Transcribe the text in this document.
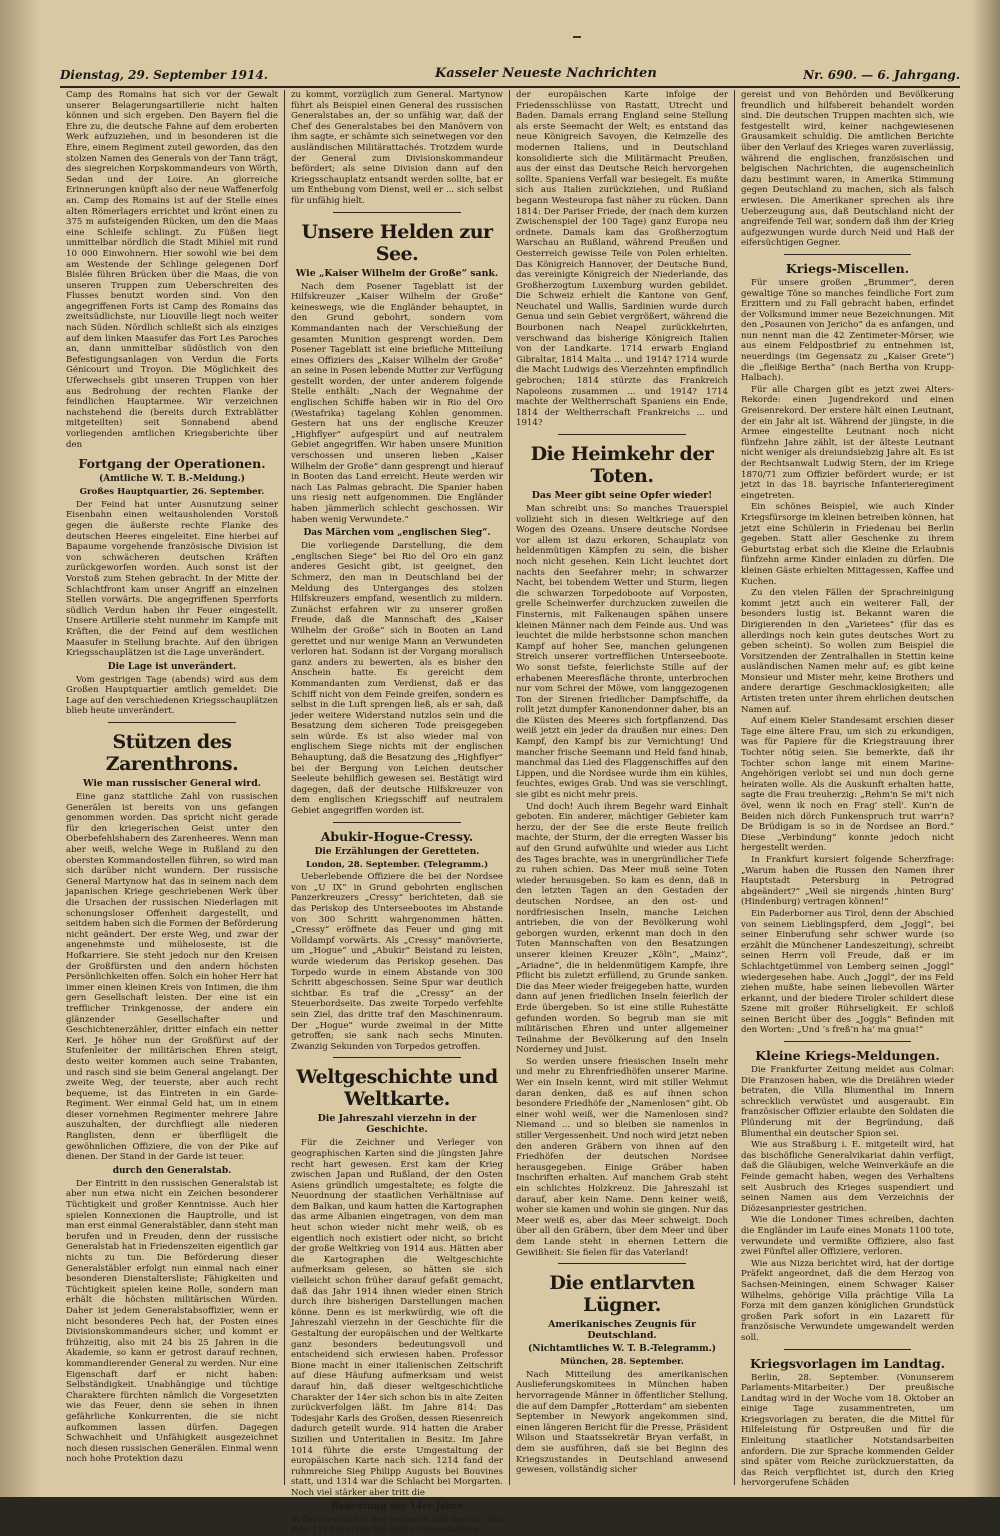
Dienstag, 29. September 1914.	Kasseler Neueste Nachrichten	Nr. 690. — 6. Jahrgang.

Camp des Romains hat sich vor der Gewalt unserer Belagerungsartillerie nicht halten können und sich ergeben. Den Bayern fiel die Ehre zu, die deutsche Fahne auf dem eroberten Werk aufzuziehen, und in besonderen ist die Ehre, einem Regiment zuteil geworden, das den stolzen Namen des Generals von der Tann trägt, des siegreichen Korpskommandeurs von Wörth, Sedan und der Loire. An glorreiche Erinnerungen knüpft also der neue Waffenerfolg an. Camp des Romains ist auf der Stelle eines alten Römerlagers errichtet und krönt einen zu 375 m aufsteigenden Rücken, um den die Maas eine Schleife schlingt. Zu Füßen liegt unmittelbar nördlich die Stadt Mihiel mit rund 10 000 Einwohnern. Hier sowohl wie bei dem am Westende der Schlinge gelegenen Dorf Bislée führen Brücken über die Maas, die von unseren Truppen zum Ueberschreiten des Flusses benutzt worden sind. Von den angegriffenen Forts ist Camp des Romains das zweitsüdlichste, nur Liouville liegt noch weiter nach Süden. Nördlich schließt sich als einziges auf dem linken Maasufer das Fort Les Paroches an, dann unmittelbar südöstlich von den Befestigungsanlagen von Verdun die Forts Génicourt und Troyon. Die Möglichkeit des Uferwechsels gibt unseren Truppen von hier aus Bedrohung der rechten Flanke der feindlichen Hauptarmee. Wir verzeichnen nachstehend die (bereits durch Extrablätter mitgeteilten) seit Sonnabend abend vorliegenden amtlichen Kriegsberichte über den

Fortgang der Operationen.
(Amtliche W. T. B.-Meldung.)
Großes Hauptquartier, 26. September.

Der Feind hat unter Ausnutzung seiner Eisenbahn einen weitausholenden Vorstoß gegen die äußerste rechte Flanke des deutschen Heeres eingeleitet. Eine hierbei auf Bapaume vorgehende französische Division ist von schwächeren deutschen Kräften zurückgeworfen worden. Auch sonst ist der Vorstoß zum Stehen gebracht. In der Mitte der Schlachtfront kam unser Angriff an einzelnen Stellen vorwärts. Die angegriffenen Sperrforts südlich Verdun haben ihr Feuer eingestellt. Unsere Artillerie steht nunmehr im Kampfe mit Kräften, die der Feind auf dem westlichen Maasufer in Stellung brachte. Auf den übrigen Kriegsschauplätzen ist die Lage unverändert.

Die Lage ist unverändert.

Vom gestrigen Tage (abends) wird aus dem Großen Hauptquartier amtlich gemeldet: Die Lage auf den verschiedenen Kriegsschauplätzen blieb heute unverändert.

Stützen des Zarenthrons.
Wie man russischer General wird.

Eine ganz stattliche Zahl von russischen Generälen ist bereits von uns gefangen genommen worden. Das spricht nicht gerade für den kriegerischen Geist unter den Oberbefehlshabern des Zarenheeres. Wenn man aber weiß, welche Wege in Rußland zu den obersten Kommandostellen führen, so wird man sich darüber nicht wundern. Der russische General Martynow hat das in seinem nach dem japanischen Kriege geschriebenen Werk über die Ursachen der russischen Niederlagen mit schonungsloser Offenheit dargestellt, und seitdem haben sich die Formen der Beförderung nicht geändert. Der erste Weg, und zwar der angenehmste und müheloseste, ist die Hofkarriere. Sie steht jedoch nur den Kreisen der Großfürsten und den andern höchsten Persönlichkeiten offen. Solch ein hoher Herr hat immer einen kleinen Kreis von Intimen, die ihm gern Gesellschaft leisten. Der eine ist ein trefflicher Trinkgenosse, der andere ein glänzender Gesellschafter und Geschichtenerzähler, dritter einfach ein netter Kerl. Je höher nun der Großfürst auf der Stufenleiter der militärischen Ehren steigt, desto weiter kommen auch seine Trabanten, und rasch sind sie beim General angelangt. Der zweite Weg, der teuerste, aber auch recht bequeme, ist das Eintreten in ein Garde-Regiment. Wer einmal Geld hat, um in einem dieser vornehmen Regimenter mehrere Jahre auszuhalten, der durchfliegt alle niederen Ranglisten, denn er überflügelt die gewöhnlichen Offiziere, die von der Pike auf dienen. Der Stand in der Garde ist teuer.

durch den Generalstab.

Der Eintritt in den russischen Generalstab ist aber nun etwa nicht ein Zeichen besonderer Tüchtigkeit und großer Kenntnisse. Auch hier spielen Konnexionen die Hauptrolle, und ist man erst einmal Generalstäbler, dann steht man berufen und in Freuden, denn der russische Generalstab hat in Friedenszeiten eigentlich gar nichts zu tun. Die Beförderung dieser Generalstäbler erfolgt nun einmal nach einer besonderen Dienstaltersliste; Fähigkeiten und Tüchtigkeit spielen keine Rolle, sondern man erhält die höchsten militärischen Würden. Daher ist jedem Generalstabsoffizier, wenn er nicht besonderes Pech hat, der Posten eines Divisionskommandeurs sicher, und kommt er frühzeitig, also mit 24 bis 25 Jahren in die Akademie, so kann er getrost darauf rechnen, kommandierender General zu werden. Nur eine Eigenschaft darf er nicht haben: Selbständigkeit. Unabhängige und tüchtige Charaktere fürchten nämlich die Vorgesetzten wie das Feuer, denn sie sehen in ihnen gefährliche Konkurrenten, die sie nicht aufkommen lassen dürfen. Dagegen Schwachheit und Unfähigkeit ausgezeichnet noch diesen russischen Generälen. Einmal wenn noch hohe Protektion dazu

zu kommt, vorzüglich zum General. Martynow führt als Beispiel einen General des russischen Generalstabes an, der so unfähig war, daß der Chef des Generalstabes bei den Manövern von ihm sagte, er schämte sich seinetwegen vor den ausländischen Militärattachés. Trotzdem wurde der General zum Divisionskommandeur befördert; als seine Division dann auf den Kriegsschauplatz entsandt werden sollte, bat er um Enthebung vom Dienst, weil er ... sich selbst für unfähig hielt.

Unsere Helden zur See.
Wie „Kaiser Wilhelm der Große“ sank.

Nach dem Posener Tageblatt ist der Hilfskreuzer „Kaiser Wilhelm der Große“ keineswegs, wie die Engländer behauptet, in den Grund gebohrt, sondern vom Kommandanten nach der Verschießung der gesamten Munition gesprengt worden. Dem Posener Tageblatt ist eine briefliche Mitteilung eines Offiziers des „Kaiser Wilhelm der Große“ an seine in Posen lebende Mutter zur Verfügung gestellt worden, der unter anderem folgende Stelle enthält: „Nach der Wegnahme der englischen Schiffe haben wir in Rio del Oro (Westafrika) tagelang Kohlen genommen. Gestern hat uns der englische Kreuzer „Highflyer“ aufgespürt und auf neutralem Gebiet angegriffen. Wir haben unsere Munition verschossen und unseren lieben „Kaiser Wilhelm der Große“ dann gesprengt und hierauf in Booten das Land erreicht. Heute werden wir nach Las Palmas gebracht. Die Spanier haben uns riesig nett aufgenommen. Die Engländer haben jämmerlich schlecht geschossen. Wir haben wenig Verwundete.“

Das Märchen vom „englischen Sieg“.

Die vorliegende Darstellung, die dem „englischen Siege“ bei Rio del Oro ein ganz anderes Gesicht gibt, ist geeignet, den Schmerz, den man in Deutschland bei der Meldung des Unterganges des stolzen Hilfskreuzers empfand, wesentlich zu mildern. Zunächst erfahren wir zu unserer großen Freude, daß die Mannschaft des „Kaiser Wilhelm der Große“ sich in Booten an Land gerettet und nur wenige Mann an Verwundeten verloren hat. Sodann ist der Vorgang moralisch ganz anders zu bewerten, als es bisher den Anschein hatte. Es gereicht dem Kommandanten zum Verdienst, daß er das Schiff nicht von dem Feinde greifen, sondern es selbst in die Luft sprengen ließ, als er sah, daß jeder weitere Widerstand nutzlos sein und die Besatzung dem sicheren Tode preisgegeben sein würde. Es ist also wieder mal von englischem Siege nichts mit der englischen Behauptung, daß die Besatzung des „Highflyer“ bei der Bergung von Leichen deutscher Seeleute behilflich gewesen sei. Bestätigt wird dagegen, daß der deutsche Hilfskreuzer von dem englischen Kriegsschiff auf neutralem Gebiet angegriffen worden ist.

Abukir-Hogue-Cressy.
Die Erzählungen der Geretteten.
London, 28. September. (Telegramm.)

Ueberlebende Offiziere die bei der Nordsee von „U IX“ in Grund gebohrten englischen Panzerkreuzers „Cressy“ berichteten, daß sie das Periskop des Unterseebootes im Abstande von 300 Schritt wahrgenommen hätten. „Cressy“ eröffnete das Feuer und ging mit Volldampf vorwärts. Als „Cressy“ manövrierte, um „Hogue“ und „Abukir“ Beistand zu leisten, wurde wiederum das Periskop gesehen. Das Torpedo wurde in einem Abstande von 300 Schritt abgeschossen. Seine Spur war deutlich sichtbar. Es traf die „Cressy“ an der Steuerbordseite. Das zweite Torpedo verfehlte sein Ziel, das dritte traf den Maschinenraum. Der „Hogue“ wurde zweimal in der Mitte getroffen; sie sank nach sechs Minuten. Zwanzig Sekunden von Torpedos getroffen.

Weltgeschichte und Weltkarte.
Die Jahreszahl vierzehn in der Geschichte.

Für die Zeichner und Verleger von geographischen Karten sind die jüngsten Jahre recht hart gewesen. Erst kam der Krieg zwischen Japan und Rußland, der den Osten Asiens gründlich umgestaltete; es folgte die Neuordnung der staatlichen Verhältnisse auf dem Balkan, und kaum hatten die Kartographen das arme Albanien eingetragen, von dem man heut schon wieder nicht mehr weiß, ob es eigentlich noch existiert oder nicht, so bricht der große Weltkrieg von 1914 aus. Hätten aber die Kartographen die Weltgeschichte aufmerksam gelesen, so hätten sie sich vielleicht schon früher darauf gefaßt gemacht, daß das Jahr 1914 ihnen wieder einen Strich durch ihre bisherigen Darstellungen machen könne. Denn es ist merkwürdig, wie oft die Jahreszahl vierzehn in der Geschichte für die Gestaltung der europäischen und der Weltkarte ganz besonders bedeutungsvoll und entscheidend sich erwiesen haben. Professor Bione macht in einer italienischen Zeitschrift auf diese Häufung aufmerksam und weist darauf hin, daß dieser weltgeschichtliche Charakter der 14er sich schon bis in alte Zeiten zurückverfolgen läßt. Im Jahre 814: Das Todesjahr Karls des Großen, dessen Riesenreich dadurch geteilt wurde. 914 hatten die Araber Sizilien und Unteritalien in Besitz. Im Jahre 1014 führte die erste Umgestaltung der europäischen Karte nach sich. 1214 fand der ruhmreiche Sieg Philipp Augusts bei Bouvines statt, und 1314 war die Schlacht bei Morgarten. Noch viel stärker aber tritt die

Bedeutung der 14er Jahre

in der Geschichte der neuesten Zeit hervor. Das Jahr 1714 brachte die große Umgestaltung

der europäischen Karte infolge der Friedensschlüsse von Rastatt, Utrecht und Baden. Damals errang England seine Stellung als erste Seemacht der Welt; es entstand das neue Königreich Savoyen, die Keimzelle des modernen Italiens, und in Deutschland konsolidierte sich die Militärmacht Preußen, aus der einst das Deutsche Reich hervorgehen sollte. Spaniens Verfall war besiegelt. Es mußte sich aus Italien zurückziehen, und Rußland begann Westeuropa fast näher zu rücken. Dann 1814: Der Pariser Friede, der (nach dem kurzen Zwischenspiel der 100 Tage) ganz Europa neu ordnete. Damals kam das Großherzogtum Warschau an Rußland, während Preußen und Oesterreich gewisse Teile von Polen erhielten. Das Königreich Hannover, der Deutsche Bund, das vereinigte Königreich der Niederlande, das Großherzogtum Luxemburg wurden gebildet. Die Schweiz erhielt die Kantone von Genf, Neuchatel und Wallis, Sardinien wurde durch Genua und sein Gebiet vergrößert, während die Bourbonen nach Neapel zurückkehrten, verschwand das bisherige Königreich Italien von der Landkarte. 1714 erwarb England Gibraltar, 1814 Malta ... und 1914? 1714 wurde die Macht Ludwigs des Vierzehnten empfindlich gebrochen; 1814 stürzte das Frankreich Napoleons zusammen ... und 1914? 1714 machte der Weltherrschaft Spaniens ein Ende, 1814 der Weltherrschaft Frankreichs ... und 1914?

Die Heimkehr der Toten.
Das Meer gibt seine Opfer wieder!

Man schreibt uns: So manches Trauerspiel vollzieht sich in diesen Weltkriege auf den Wogen des Ozeans. Unsere deutsche Nordsee vor allem ist dazu erkoren, Schauplatz von heldenmütigen Kämpfen zu sein, die bisher noch nicht gesehen. Kein Licht leuchtet dort nachts den Seefahrer mehr; in schwarzer Nacht, bei tobendem Wetter und Sturm, liegen die schwarzen Torpedoboote auf Vorposten, grelle Scheinwerfer durchzucken zuweilen die Finsternis, mit Falkenaugen spähen unsere kleinen Männer nach dem Feinde aus. Und was leuchtet die milde herbstsonne schon manchen Kampf auf hoher See, manchen gelungenen Streich unserer vortrefflichen Unterseeboote. Wo sonst tiefste, feierlichste Stille auf der erhabenen Meeresfläche thronte, unterbrochen nur vom Schrei der Möwe, vom langgezogenen Ton der Sirenen friedlicher Dampfschiffe, da rollt jetzt dumpfer Kanonendonner daher, bis an die Küsten des Meeres sich fortpflanzend. Das weiß jetzt ein jeder da draußen nur eines: Den Kampf, den Kampf bis zur Vernichtung! Und mancher frische Seemann und Held fand hinab, manchmal das Lied des Flaggenschiffes auf den Lippen, und die Nordsee wurde ihm ein kühles, feuchtes, ewiges Grab. Und was sie verschlingt, sie gibt es nicht mehr preis.

Und doch! Auch ihrem Begehr ward Einhalt geboten. Ein anderer, mächtiger Gebieter kam herzu, der der See die erste Beute freilich machte, der Sturm, der die erregten Wasser bis auf den Grund aufwühlte und wieder aus Licht des Tages brachte, was in unergründlicher Tiefe zu ruhen schien. Das Meer muß seine Toten wieder herausgeben. So kam es denn, daß in den letzten Tagen an den Gestaden der deutschen Nordsee, an den ost- und nordfriesischen Inseln, manche Leichen antrieben, die von der Bevölkerung wohl geborgen wurden, erkennt man doch in den Toten Mannschaften von den Besatzungen unserer kleinen Kreuzer „Köln“, „Mainz“, „Ariadne“, die in heldenmütigem Kampfe, ihre Pflicht bis zuletzt erfüllend, zu Grunde sanken. Die das Meer wieder freigegeben hatte, wurden dann auf jenen friedlichen Inseln feierlich der Erde übergeben. So ist eine stille Ruhestätte gefunden worden. So begrub man sie mit militärischen Ehren und unter allgemeiner Teilnahme der Bevölkerung auf den Inseln Norderney und Juist.

So werden unsere friesischen Inseln mehr und mehr zu Ehrenfriedhöfen unserer Marine. Wer ein Inseln kennt, wird mit stiller Wehmut daran denken, daß es auf ihnen schon besondere Friedhöfe der „Namenlosen“ gibt. Ob einer wohl weiß, wer die Namenlosen sind? Niemand ... und so bleiben sie namenlos in stiller Vergessenheit. Und noch wird jetzt neben den anderen Gräbern von ihnen auf den Friedhöfen der deutschen Nordsee herausgegeben. Einige Gräber haben Inschriften erhalten. Auf manchem Grab steht ein schlichtes Holzkreuz. Die Jahreszahl ist darauf, aber kein Name. Denn keiner weiß, woher sie kamen und wohin sie gingen. Nur das Meer weiß es, aber das Meer schweigt. Doch über all den Gräbern, über dem Meer und über dem Lande steht in ehernen Lettern die Gewißheit: Sie fielen für das Vaterland!

Die entlarvten Lügner.
Amerikanisches Zeugnis für Deutschland.
(Nichtamtliches W. T. B.-Telegramm.)
München, 28. September.

Nach Mitteilung des amerikanischen Auslieferungskomitees in München haben hervorragende Männer in öffentlicher Stellung, die auf dem Dampfer „Rotterdam“ am siebenten September in Newyork angekommen sind, einen längeren Bericht für die Presse, Präsident Wilson und Staatssekretär Bryan verfaßt, in dem sie ausführen, daß sie bei Beginn des Kriegszustandes in Deutschland anwesend gewesen, vollständig sicher

gereist und von Behörden und Bevölkerung freundlich und hilfsbereit behandelt worden sind. Die deutschen Truppen machten sich, wie festgestellt wird, keiner nachgewiesenen Grausamkeit schuldig. Die amtlichen Berichte über den Verlauf des Krieges waren zuverlässig, während die englischen, französischen und belgischen Nachrichten, die augenscheinlich dazu bestimmt waren, in Amerika Stimmung gegen Deutschland zu machen, sich als falsch erwiesen. Die Amerikaner sprechen als ihre Ueberzeugung aus, daß Deutschland nicht der angreifende Teil war, sondern daß ihm der Krieg aufgezwungen wurde durch Neid und Haß der eifersüchtigen Gegner.

Kriegs-Miscellen.

Für unsere großen „Brummer“, deren gewaltige Töne so manches feindliche Fort zum Erzittern und zu Fall gebracht haben, erfindet der Volksmund immer neue Bezeichnungen. Mit den „Posaunen von Jericho“ da es anfangen, und nun nennt man die 42 Zentimeter-Mörser, wie aus einem Feldpostbrief zu entnehmen ist, neuerdings (im Gegensatz zu „Kaiser Grete“) die „fleißige Bertha“ (nach Bertha von Krupp-Halbach).

Für alle Chargen gibt es jetzt zwei Alters-Rekorde: einen Jugendrekord und einen Greisenrekord. Der erstere hält einen Leutnant, der ein Jahr alt ist. Während der jüngste, in die Armee eingestellte Leutnant noch nicht fünfzehn Jahre zählt, ist der älteste Leutnant nicht weniger als dreiundsiebzig Jahre alt. Es ist der Rechtsanwalt Ludwig Stern, der im Kriege 1870/71 zum Offizier befördert wurde; er ist jetzt in das 18. bayrische Infanterieregiment eingetreten.

Ein schönes Beispiel, wie auch Kinder Kriegsfürsorge im kleinen betreiben können, hat jetzt eine Schülerin in Friedenau bei Berlin gegeben. Statt aller Geschenke zu ihrem Geburtstag erbat sich die Kleine die Erlaubnis fünfzehn arme Kinder einladen zu dürfen. Die kleinen Gäste erhielten Mittagessen, Kaffee und Kuchen.

Zu den vielen Fällen der Sprachreinigung kommt jetzt auch ein weiterer Fall, der besonders lustig ist. Bekannt waren die Dirigierenden in den „Varietees“ (für das es allerdings noch kein gutes deutsches Wort zu geben scheint). So wollen zum Beispiel die Vorsitzenden der Zentralhallen in Stettin keine ausländischen Namen mehr auf; es gibt keine Monsieur und Mister mehr, keine Brothers und andere derartige Geschmacklosigkeiten; alle Artisten treten unter ihrem ehrlichen deutschen Namen auf.

Auf einem Kieler Standesamt erschien dieser Tage eine ältere Frau, um sich zu erkundigen, was für Papiere für die Kriegstrauung ihrer Tochter nötig seien. Sie bemerkte, daß ihr Tochter schon lange mit einem Marine-Angehörigen verlobt sei und nun doch gerne heiraten wolle. Als die Auskunft erhalten hatte, sagte die Frau treuherzig: „Rehm'n Se mi't nich övel, wenn ik noch en Frag' stell'. Kun'n de Beiden nich dörch Funkenspruch trut warr'n? De Brüdigam is so in de Nordsee an Bord.“ Diese „Verbindung“ konnte jedoch nicht hergestellt werden.

In Frankfurt kursiert folgende Scherzfrage: „Warum haben die Russen den Namen ihrer Hauptstadt Petersburg in Petrograd abgeändert?“ „Weil sie nirgends ‚hinten Burg‘ (Hindenburg) vertragen können!“

Ein Paderborner aus Tirol, denn der Abschied von seinem Lieblingspferd, dem „Joggl“, bei seiner Einberufung sehr schwer wurde (so erzählt die Münchener Landeszeitung), schreibt seinen Herrn voll Freude, daß er im Schlachtgetümmel von Lemberg seinen „Joggl“ wiedergesehen habe. Auch „Joggl“, der ins Feld ziehen mußte, habe seinen liebevollen Wärter erkannt, und der biedere Tiroler schildert diese Szene mit großer Rührseligkeit. Er schloß seinen Bericht über des „Joggls“ Befinden mit den Worten: „Und ’s freß’n ha’ ma gnua!“

Kleine Kriegs-Meldungen.

Die Frankfurter Zeitung meldet aus Colmar: Die Franzosen haben, wie die Dreiähren wieder betraten, die Villa Blumenthal im Innern schrecklich verwüstet und ausgeraubt. Ein französischer Offizier erlaubte den Soldaten die Plünderung mit der Begründung, daß Blumenthal ein deutscher Spion sei.

Wie aus Straßburg i. E. mitgeteilt wird, hat das bischöfliche Generalvikariat dahin verfügt, daß die Gläubigen, welche Weinverkäufe an die Feinde gemacht haben, wegen des Verhaltens seit Ausbruch des Krieges suspendiert und seinen Namen aus dem Verzeichnis der Diözesanpriester gestrichen.

Wie die Londoner Times schreiben, dachten die Engländer im Laufe eines Monats 1100 tote, verwundete und vermißte Offiziere, also fast zwei Fünftel aller Offiziere, verloren.

Wie aus Nizza berichtet wird, hat der dortige Präfekt angeordnet, daß die dem Herzog von Sachsen-Meiningen, einem Schwager Kaiser Wilhelms, gehörige Villa prächtige Villa La Forza mit dem ganzen königlichen Grundstück großen Park sofort in ein Lazarett für französische Verwundete umgewandelt werden soll.

Kriegsvorlagen im Landtag.

Berlin, 28. September. (Vonunserem Parlaments-Mitarbeiter.) Der preußische Landtag wird in der Woche vom 18. Oktober an einige Tage zusammentreten, um Kriegsvorlagen zu beraten, die die Mittel für Hilfeleistung für Ostpreußen und für die Einleitung staatlicher Notstandsarbeiten anfordern. Die zur Sprache kommenden Gelder sind später vom Reiche zurückzuerstatten, da das Reich verpflichtet ist, durch den Krieg hervorgerufene Schäden
